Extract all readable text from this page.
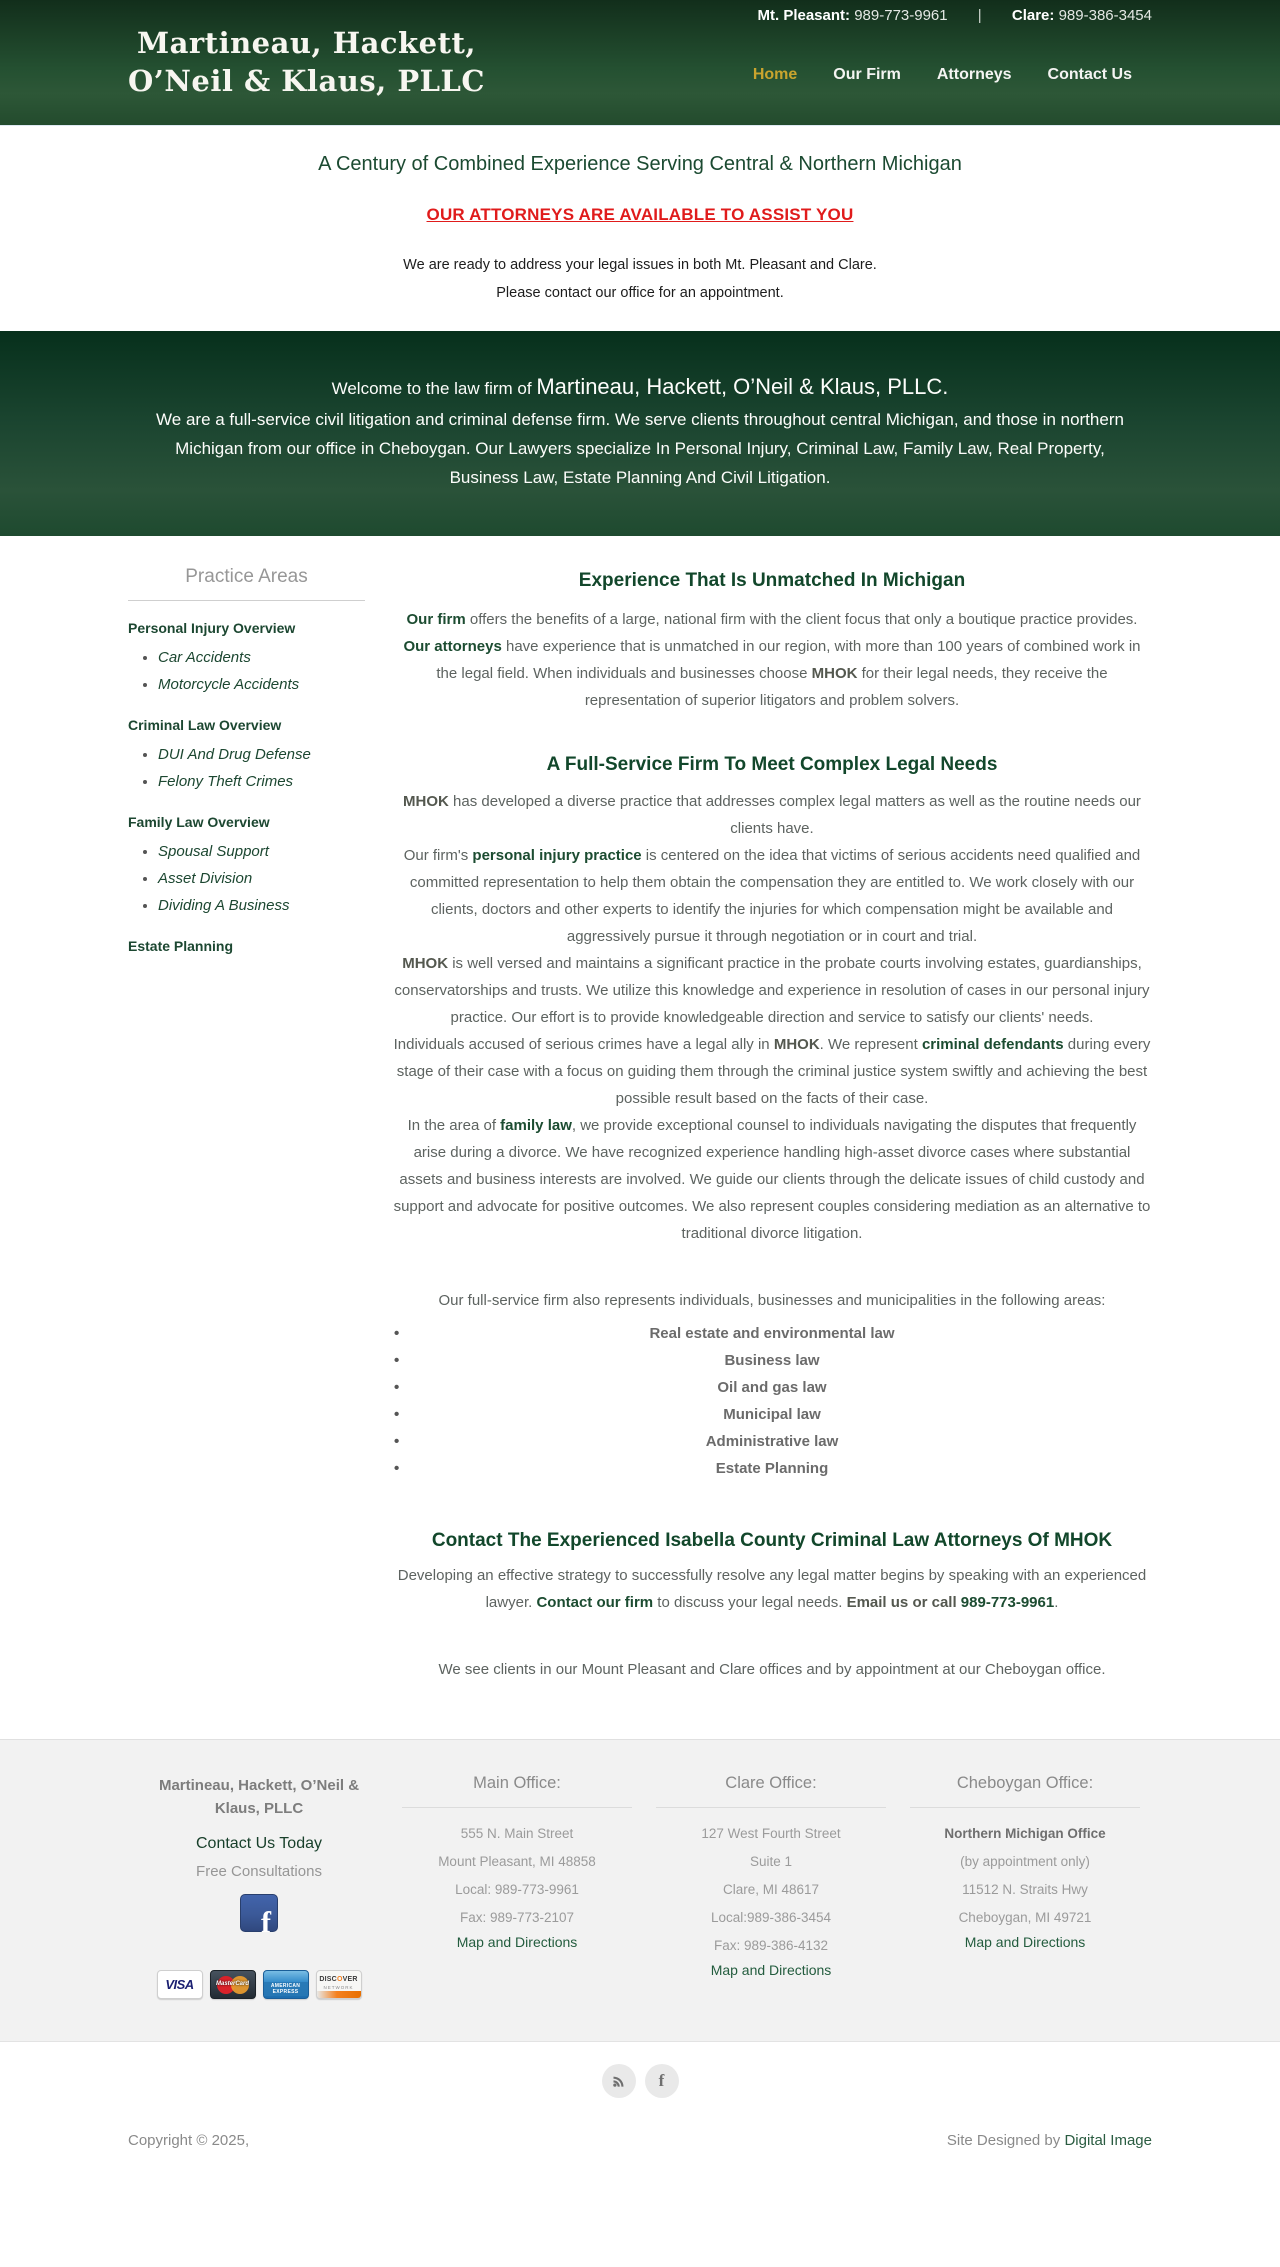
Mt. Pleasant: 989-773-9961 | Clare: 989-386-3454
Martineau, Hackett,
O’Neil & Klaus, PLLC	Home Our Firm Attorneys Contact Us
A Century of Combined Experience Serving Central & Northern Michigan
OUR ATTORNEYS ARE AVAILABLE TO ASSIST YOU

We are ready to address your legal issues in both Mt. Pleasant and Clare.

Please contact our office for an appointment.

Welcome to the law firm of Martineau, Hackett, O’Neil & Klaus, PLLC.

We are a full-service civil litigation and criminal defense firm. We serve clients throughout central Michigan, and those in northern Michigan from our office in Cheboygan. Our Lawyers specialize In Personal Injury, Criminal Law, Family Law, Real Property, Business Law, Estate Planning And Civil Litigation.

Practice Areas
Personal Injury Overview
• Car Accidents
• Motorcycle Accidents
Criminal Law Overview
• DUI And Drug Defense
• Felony Theft Crimes
Family Law Overview
• Spousal Support
• Asset Division
• Dividing A Business
Estate Planning
Experience That Is Unmatched In Michigan

Our firm offers the benefits of a large, national firm with the client focus that only a boutique practice provides. Our attorneys have experience that is unmatched in our region, with more than 100 years of combined work in the legal field. When individuals and businesses choose MHOK for their legal needs, they receive the representation of superior litigators and problem solvers.

A Full-Service Firm To Meet Complex Legal Needs

MHOK has developed a diverse practice that addresses complex legal matters as well as the routine needs our clients have.

Our firm's personal injury practice is centered on the idea that victims of serious accidents need qualified and committed representation to help them obtain the compensation they are entitled to. We work closely with our clients, doctors and other experts to identify the injuries for which compensation might be available and aggressively pursue it through negotiation or in court and trial.

MHOK is well versed and maintains a significant practice in the probate courts involving estates, guardianships, conservatorships and trusts. We utilize this knowledge and experience in resolution of cases in our personal injury practice. Our effort is to provide knowledgeable direction and service to satisfy our clients' needs.

Individuals accused of serious crimes have a legal ally in MHOK. We represent criminal defendants during every stage of their case with a focus on guiding them through the criminal justice system swiftly and achieving the best possible result based on the facts of their case.

In the area of family law, we provide exceptional counsel to individuals navigating the disputes that frequently arise during a divorce. We have recognized experience handling high-asset divorce cases where substantial assets and business interests are involved. We guide our clients through the delicate issues of child custody and support and advocate for positive outcomes. We also represent couples considering mediation as an alternative to traditional divorce litigation.

Our full-service firm also represents individuals, businesses and municipalities in the following areas:

• Real estate and environmental law
• Business law
• Oil and gas law
• Municipal law
• Administrative law
• Estate Planning
Contact The Experienced Isabella County Criminal Law Attorneys Of MHOK

Developing an effective strategy to successfully resolve any legal matter begins by speaking with an experienced lawyer. Contact our firm to discuss your legal needs. Email us or call 989-773-9961.

We see clients in our Mount Pleasant and Clare offices and by appointment at our Cheboygan office.

Martineau, Hackett, O’Neil &
Klaus, PLLC
Contact Us Today
Free Consultations
f
VISA	MasterCard	AMERICAN EXPRESS
DISCOVER
NETWORK
Main Office:
555 N. Main Street
Mount Pleasant, MI 48858
Local: 989-773-9961
Fax: 989-773-2107
Map and Directions
Clare Office:
127 West Fourth Street
Suite 1
Clare, MI 48617
Local:989-386-3454
Fax: 989-386-4132
Map and Directions
Cheboygan Office:
Northern Michigan Office
(by appointment only)
11512 N. Straits Hwy
Cheboygan, MI 49721
Map and Directions
f
Copyright © 2025,	Site Designed by Digital Image
